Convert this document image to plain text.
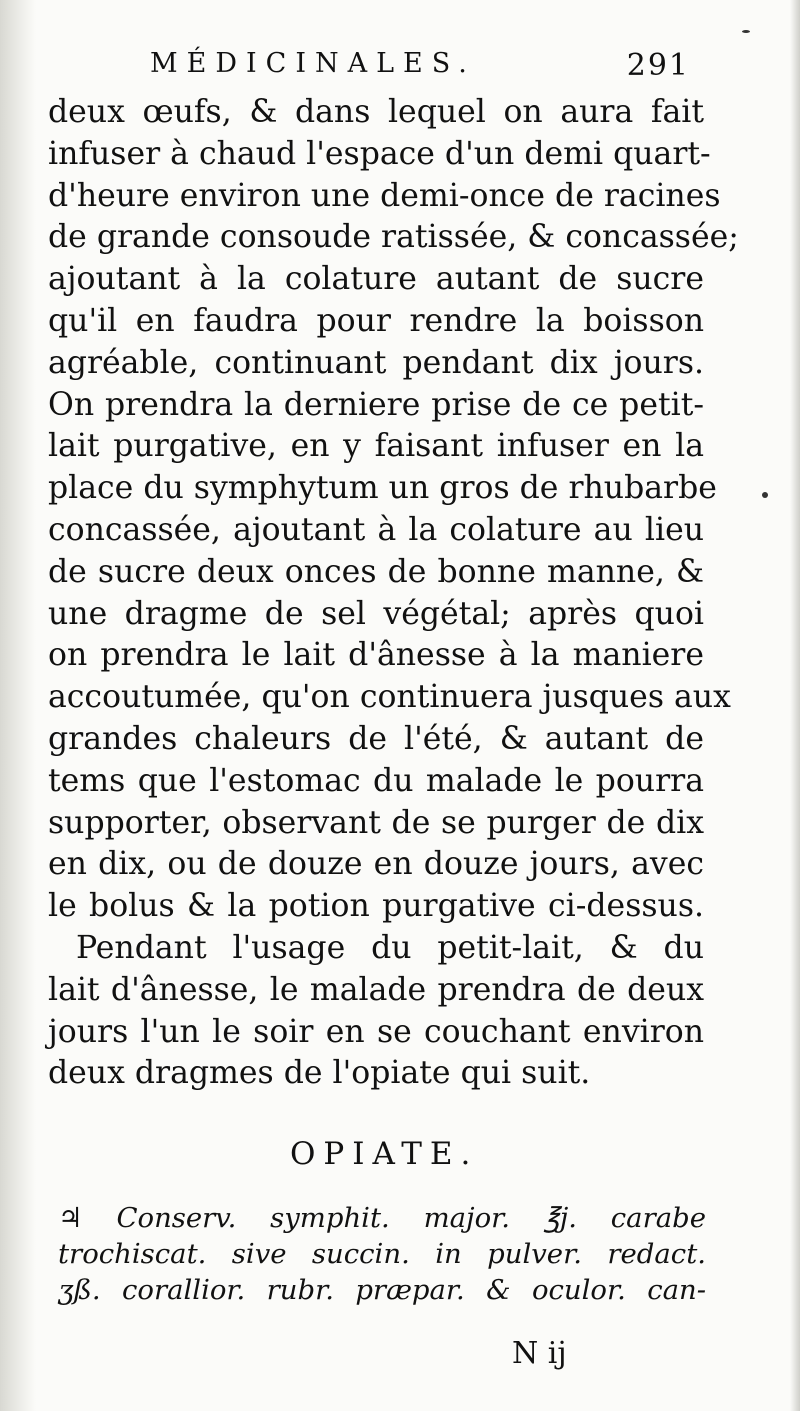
MÉDICINALES.	291
deux œufs, & dans lequel on aura fait
infuser à chaud l'espace d'un demi quart-
d'heure environ une demi-once de racines
de grande consoude ratissée, & concassée;
ajoutant à la colature autant de sucre
qu'il en faudra pour rendre la boisson
agréable, continuant pendant dix jours.
On prendra la derniere prise de ce petit-
lait purgative, en y faisant infuser en la
place du symphytum un gros de rhubarbe
concassée, ajoutant à la colature au lieu
de sucre deux onces de bonne manne, &
une dragme de sel végétal; après quoi
on prendra le lait d'ânesse à la maniere
accoutumée, qu'on continuera jusques aux
grandes chaleurs de l'été, & autant de
tems que l'estomac du malade le pourra
supporter, observant de se purger de dix
en dix, ou de douze en douze jours, avec
le bolus & la potion purgative ci-dessus.
Pendant l'usage du petit-lait, & du
lait d'ânesse, le malade prendra de deux
jours l'un le soir en se couchant environ
deux dragmes de l'opiate qui suit.
OPIATE.
♃ Conserv. symphit. major. ℥j. carabe
trochiscat. sive succin. in pulver. redact.
ʒß. corallior. rubr. præpar. & oculor. can-
N ij
